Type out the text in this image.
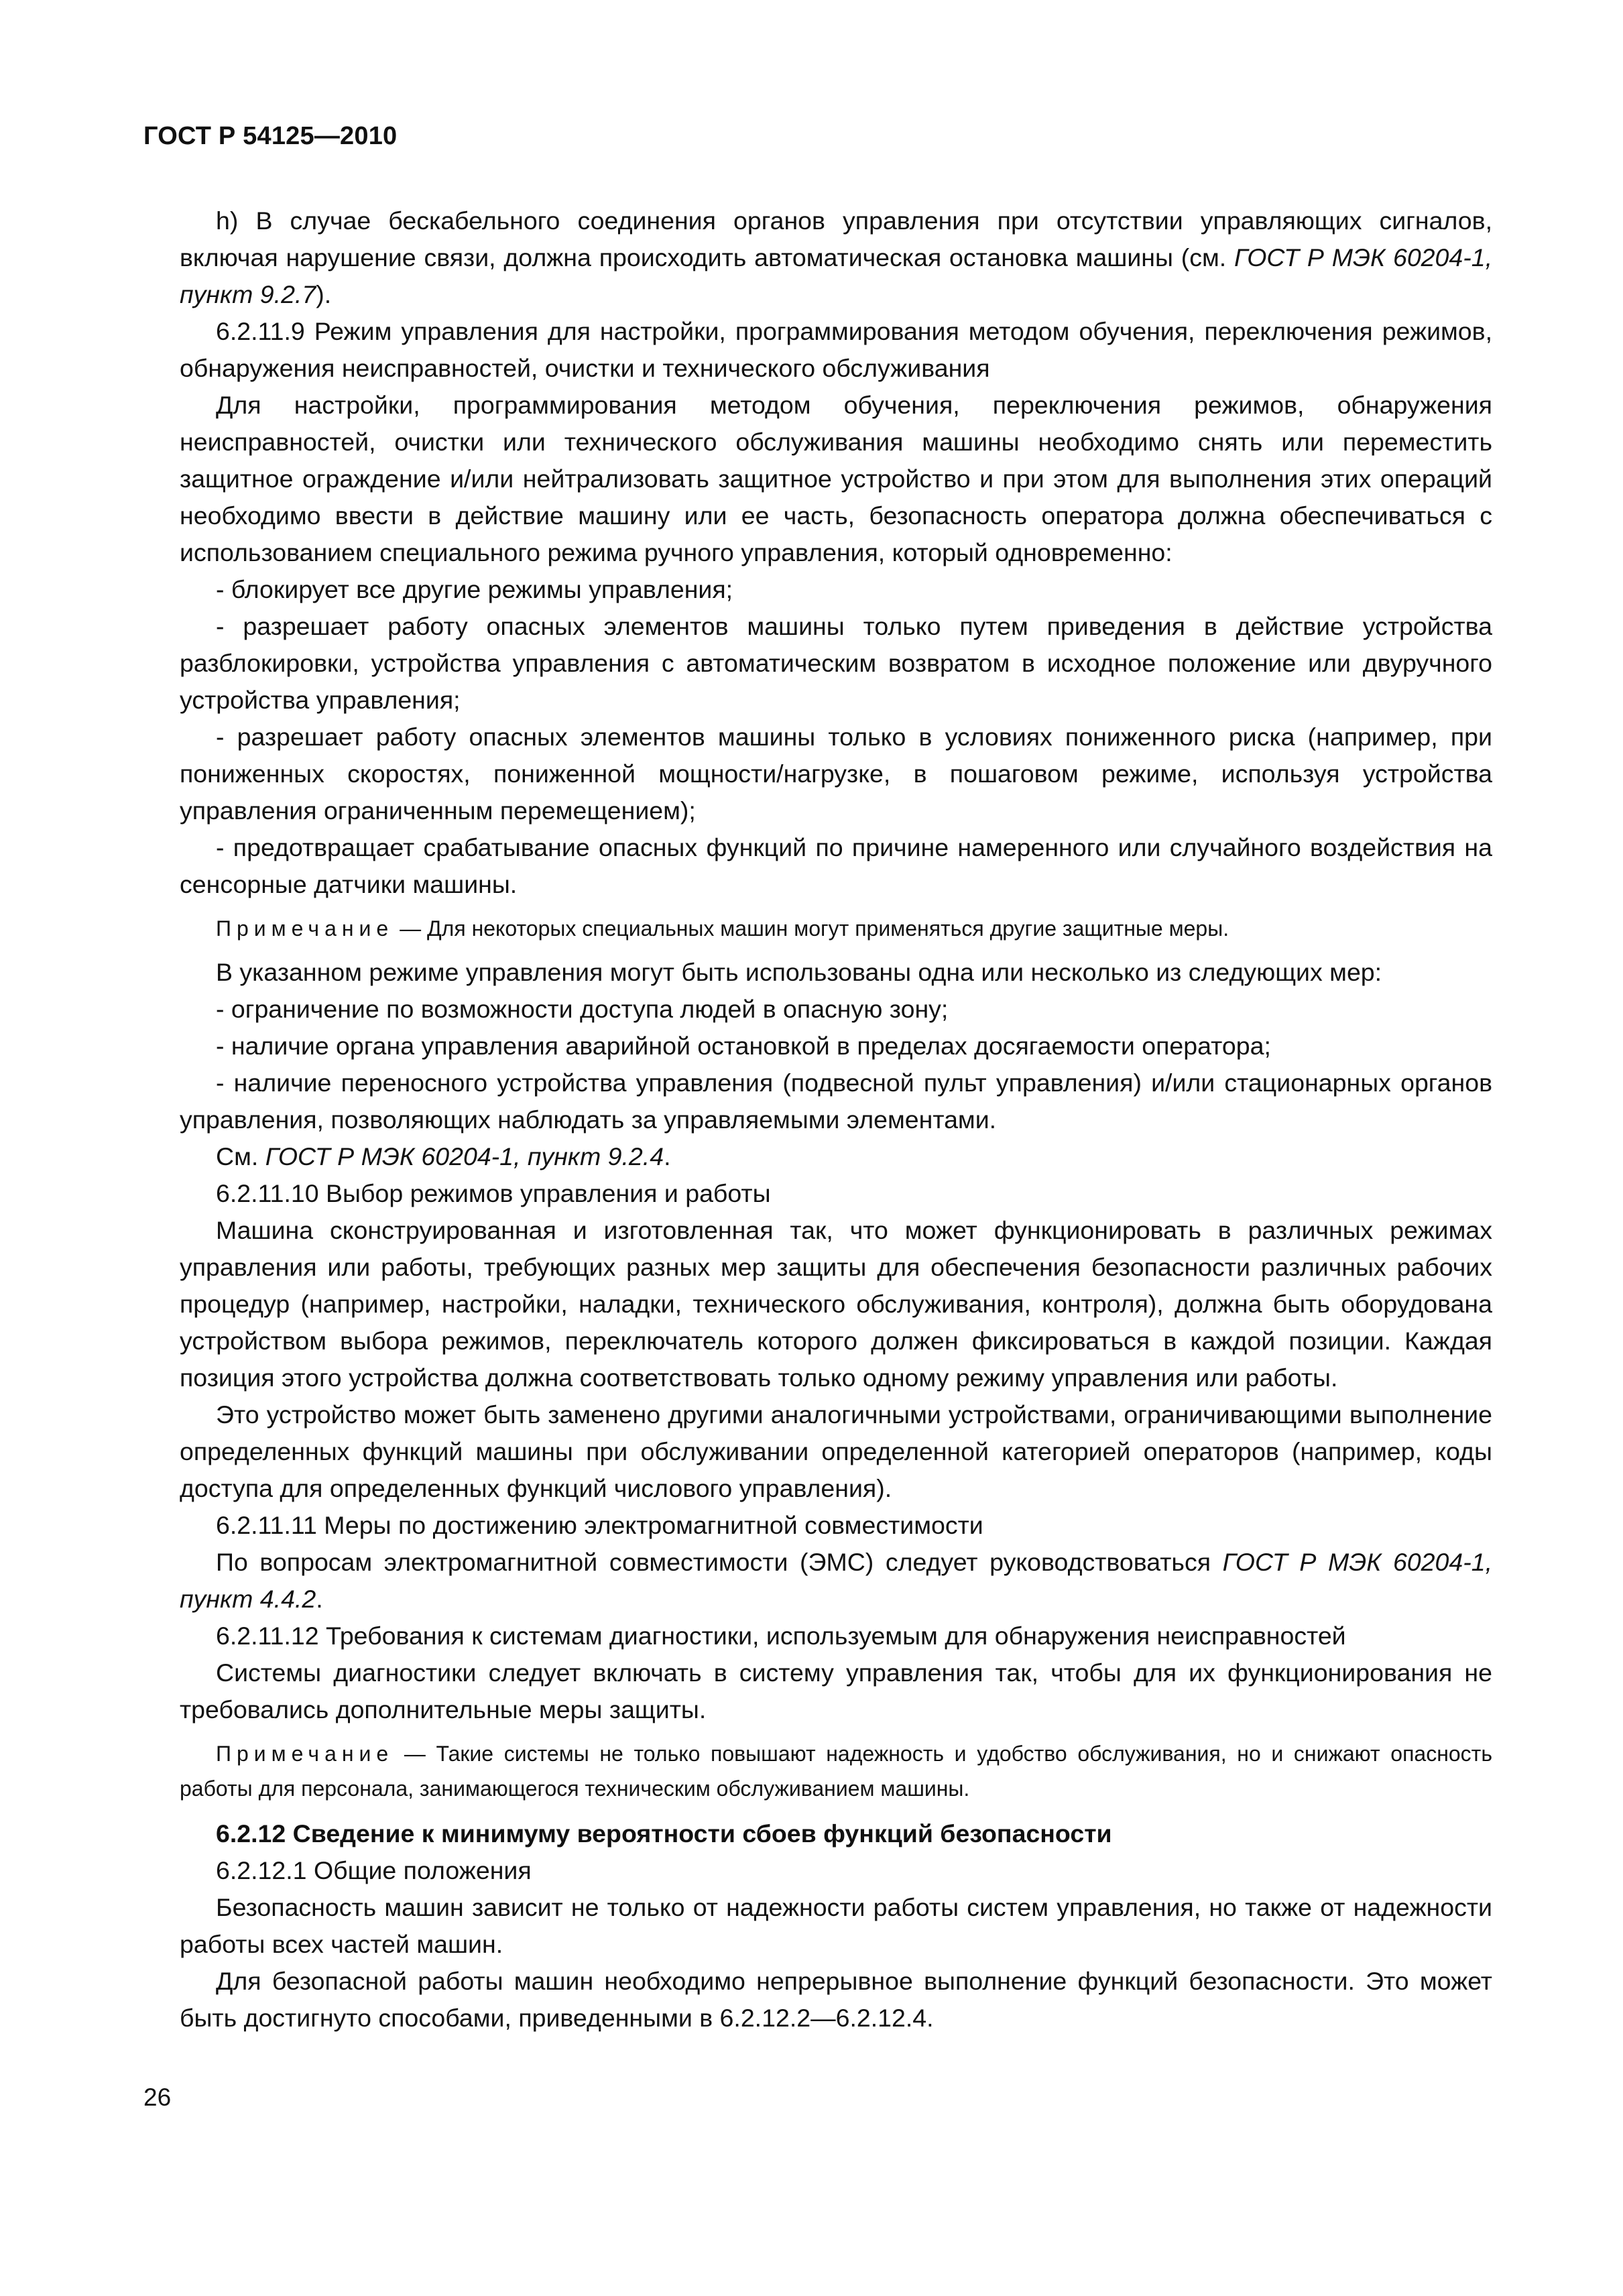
ГОСТ Р 54125—2010

h) В случае бескабельного соединения органов управления при отсутствии управляющих сигналов, включая нарушение связи, должна происходить автоматическая остановка машины (см. ГОСТ Р МЭК 60204-1, пункт 9.2.7).

6.2.11.9 Режим управления для настройки, программирования методом обучения, переключения режимов, обнаружения неисправностей, очистки и технического обслуживания

Для настройки, программирования методом обучения, переключения режимов, обнаружения неисправностей, очистки или технического обслуживания машины необходимо снять или переместить защитное ограждение и/или нейтрализовать защитное устройство и при этом для выполнения этих операций необходимо ввести в действие машину или ее часть, безопасность оператора должна обеспечиваться с использованием специального режима ручного управления, который одновременно:

- блокирует все другие режимы управления;

- разрешает работу опасных элементов машины только путем приведения в действие устройства разблокировки, устройства управления с автоматическим возвратом в исходное положение или двуручного устройства управления;

- разрешает работу опасных элементов машины только в условиях пониженного риска (например, при пониженных скоростях, пониженной мощности/нагрузке, в пошаговом режиме, используя устройства управления ограниченным перемещением);

- предотвращает срабатывание опасных функций по причине намеренного или случайного воздействия на сенсорные датчики машины.

Примечание — Для некоторых специальных машин могут применяться другие защитные меры.

В указанном режиме управления могут быть использованы одна или несколько из следующих мер:

- ограничение по возможности доступа людей в опасную зону;

- наличие органа управления аварийной остановкой в пределах досягаемости оператора;

- наличие переносного устройства управления (подвесной пульт управления) и/или стационарных органов управления, позволяющих наблюдать за управляемыми элементами.

См. ГОСТ Р МЭК 60204-1, пункт 9.2.4.

6.2.11.10 Выбор режимов управления и работы

Машина сконструированная и изготовленная так, что может функционировать в различных режимах управления или работы, требующих разных мер защиты для обеспечения безопасности различных рабочих процедур (например, настройки, наладки, технического обслуживания, контроля), должна быть оборудована устройством выбора режимов, переключатель которого должен фиксироваться в каждой позиции. Каждая позиция этого устройства должна соответствовать только одному режиму управления или работы.

Это устройство может быть заменено другими аналогичными устройствами, ограничивающими выполнение определенных функций машины при обслуживании определенной категорией операторов (например, коды доступа для определенных функций числового управления).

6.2.11.11 Меры по достижению электромагнитной совместимости

По вопросам электромагнитной совместимости (ЭМС) следует руководствоваться ГОСТ Р МЭК 60204-1, пункт 4.4.2.

6.2.11.12 Требования к системам диагностики, используемым для обнаружения неисправностей

Системы диагностики следует включать в систему управления так, чтобы для их функционирования не требовались дополнительные меры защиты.

Примечание — Такие системы не только повышают надежность и удобство обслуживания, но и снижают опасность работы для персонала, занимающегося техническим обслуживанием машины.

6.2.12 Сведение к минимуму вероятности сбоев функций безопасности

6.2.12.1 Общие положения

Безопасность машин зависит не только от надежности работы систем управления, но также от надежности работы всех частей машин.

Для безопасной работы машин необходимо непрерывное выполнение функций безопасности. Это может быть достигнуто способами, приведенными в 6.2.12.2—6.2.12.4.

26
